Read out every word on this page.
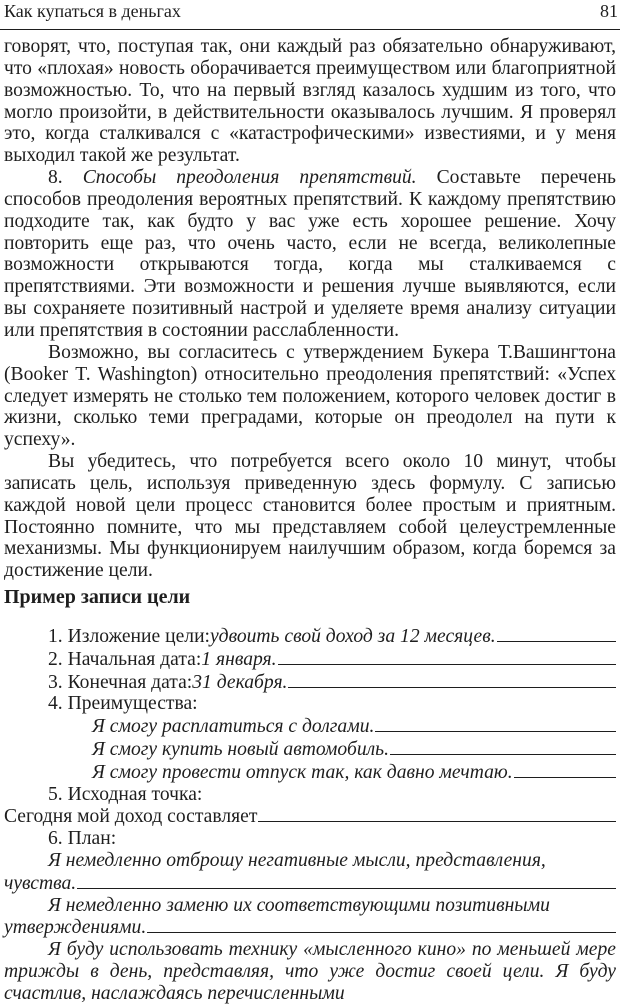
Как купаться в деньгах	81

говорят, что, поступая так, они каждый раз обязательно обнаруживают, что «плохая» новость оборачивается преимуществом или благоприятной возможностью. То, что на первый взгляд казалось худшим из того, что могло произойти, в действительности оказывалось лучшим. Я проверял это, когда сталкивался с «катастрофическими» известиями, и у меня выходил такой же результат.

8. Способы преодоления препятствий. Составьте перечень способов преодоления вероятных препятствий. К каждому препятствию подходите так, как будто у вас уже есть хорошее решение. Хочу повторить еще раз, что очень часто, если не всегда, великолепные возможности открываются тогда, когда мы сталкиваемся с препятствиями. Эти возможности и решения лучше выявляются, если вы сохраняете позитивный настрой и уделяете время анализу ситуации или препятствия в состоянии расслабленности.

Возможно, вы согласитесь с утверждением Букера Т.Вашингтона (Booker T. Washington) относительно преодоления препятствий: «Успех следует измерять не столько тем положением, которого человек достиг в жизни, сколько теми преградами, которые он преодолел на пути к успеху».

Вы убедитесь, что потребуется всего около 10 минут, чтобы записать цель, используя приведенную здесь формулу. С записью каждой новой цели процесс становится более простым и приятным. Постоянно помните, что мы представляем собой целеустремленные механизмы. Мы функционируем наилучшим образом, когда боремся за достижение цели.

Пример записи цели
1. Изложение цели: удвоить свой доход за 12 месяцев.
2. Начальная дата: 1 января.
3. Конечная дата: 31 декабря.
4. Преимущества:
Я смогу расплатиться с долгами.
Я смогу купить новый автомобиль.
Я смогу провести отпуск так, как давно мечтаю.
5. Исходная точка:
Сегодня мой доход составляет
6. План:
Я немедленно отброшу негативные мысли, представления,
чувства.
Я немедленно заменю их соответствующими позитивными
утверждениями.

Я буду использовать технику «мысленного кино» по меньшей мере трижды в день, представляя, что уже достиг своей цели. Я буду счастлив, наслаждаясь перечисленными
